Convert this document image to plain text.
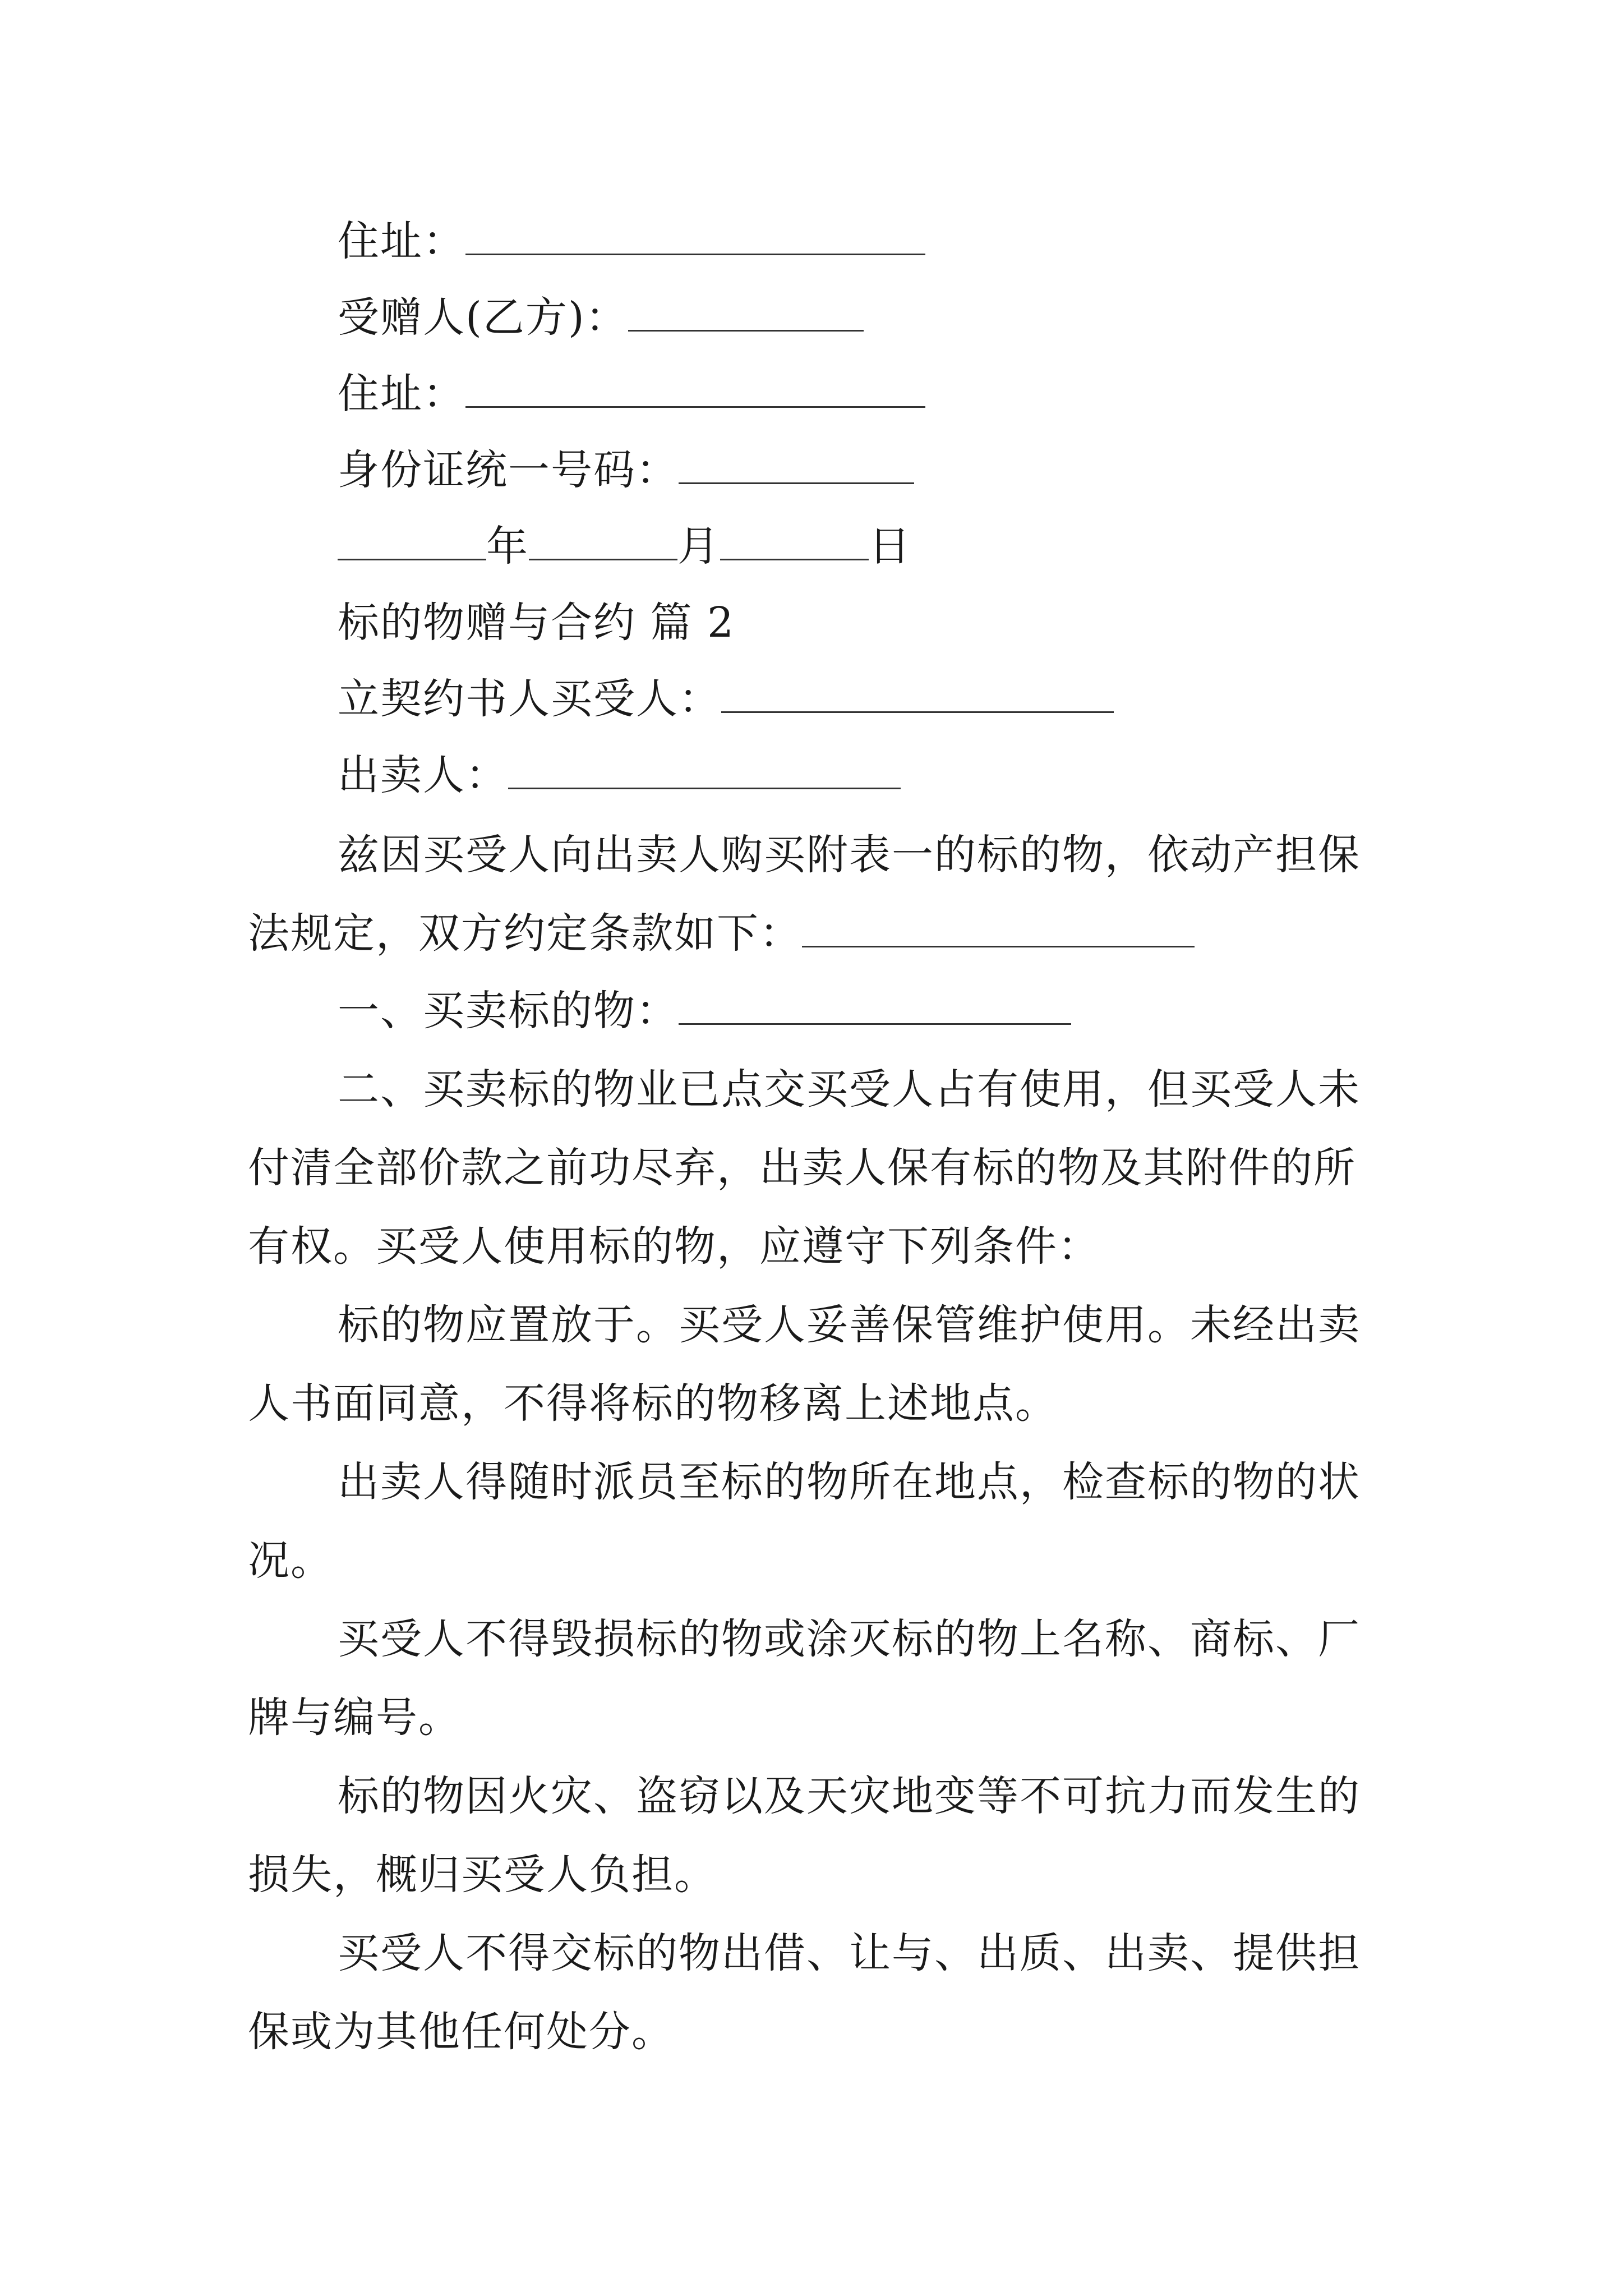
住址：
受赠人(乙方)：
住址：
身份证统一号码：
年	月	日
标的物赠与合约 篇 2
立契约书人买受人：
出卖人：
兹因买受人向出卖人购买附表一的标的物，依动产担保
法规定，双方约定条款如下：
一、买卖标的物：
二、买卖标的物业已点交买受人占有使用，但买受人未
付清全部价款之前功尽弃，出卖人保有标的物及其附件的所
有权。买受人使用标的物，应遵守下列条件：
标的物应置放于。买受人妥善保管维护使用。未经出卖
人书面同意，不得将标的物移离上述地点。
出卖人得随时派员至标的物所在地点，检查标的物的状
况。
买受人不得毁损标的物或涂灭标的物上名称、商标、厂
牌与编号。
标的物因火灾、盗窃以及天灾地变等不可抗力而发生的
损失，概归买受人负担。
买受人不得交标的物出借、让与、出质、出卖、提供担
保或为其他任何处分。
